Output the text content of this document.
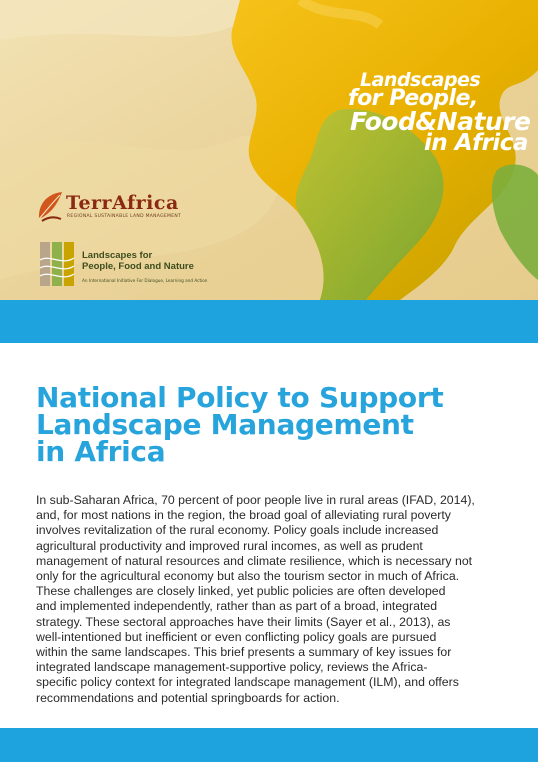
Landscapes
for People,
Food&Nature
in Africa
TerrAfrica
REGIONAL SUSTAINABLE LAND MANAGEMENT
Landscapes for
People, Food and Nature
An International Initiative For Dialogue, Learning and Action
National Policy to Support
Landscape Management
in Africa

In sub-Saharan Africa, 70 percent of poor people live in rural areas (IFAD, 2014),
and, for most nations in the region, the broad goal of alleviating rural poverty
involves revitalization of the rural economy. Policy goals include increased
agricultural productivity and improved rural incomes, as well as prudent
management of natural resources and climate resilience, which is necessary not
only for the agricultural economy but also the tourism sector in much of Africa.
These challenges are closely linked, yet public policies are often developed
and implemented independently, rather than as part of a broad, integrated
strategy. These sectoral approaches have their limits (Sayer et al., 2013), as
well-intentioned but inefficient or even conflicting policy goals are pursued
within the same landscapes. This brief presents a summary of key issues for
integrated landscape management-supportive policy, reviews the Africa-
specific policy context for integrated landscape management (ILM), and offers
recommendations and potential springboards for action.
